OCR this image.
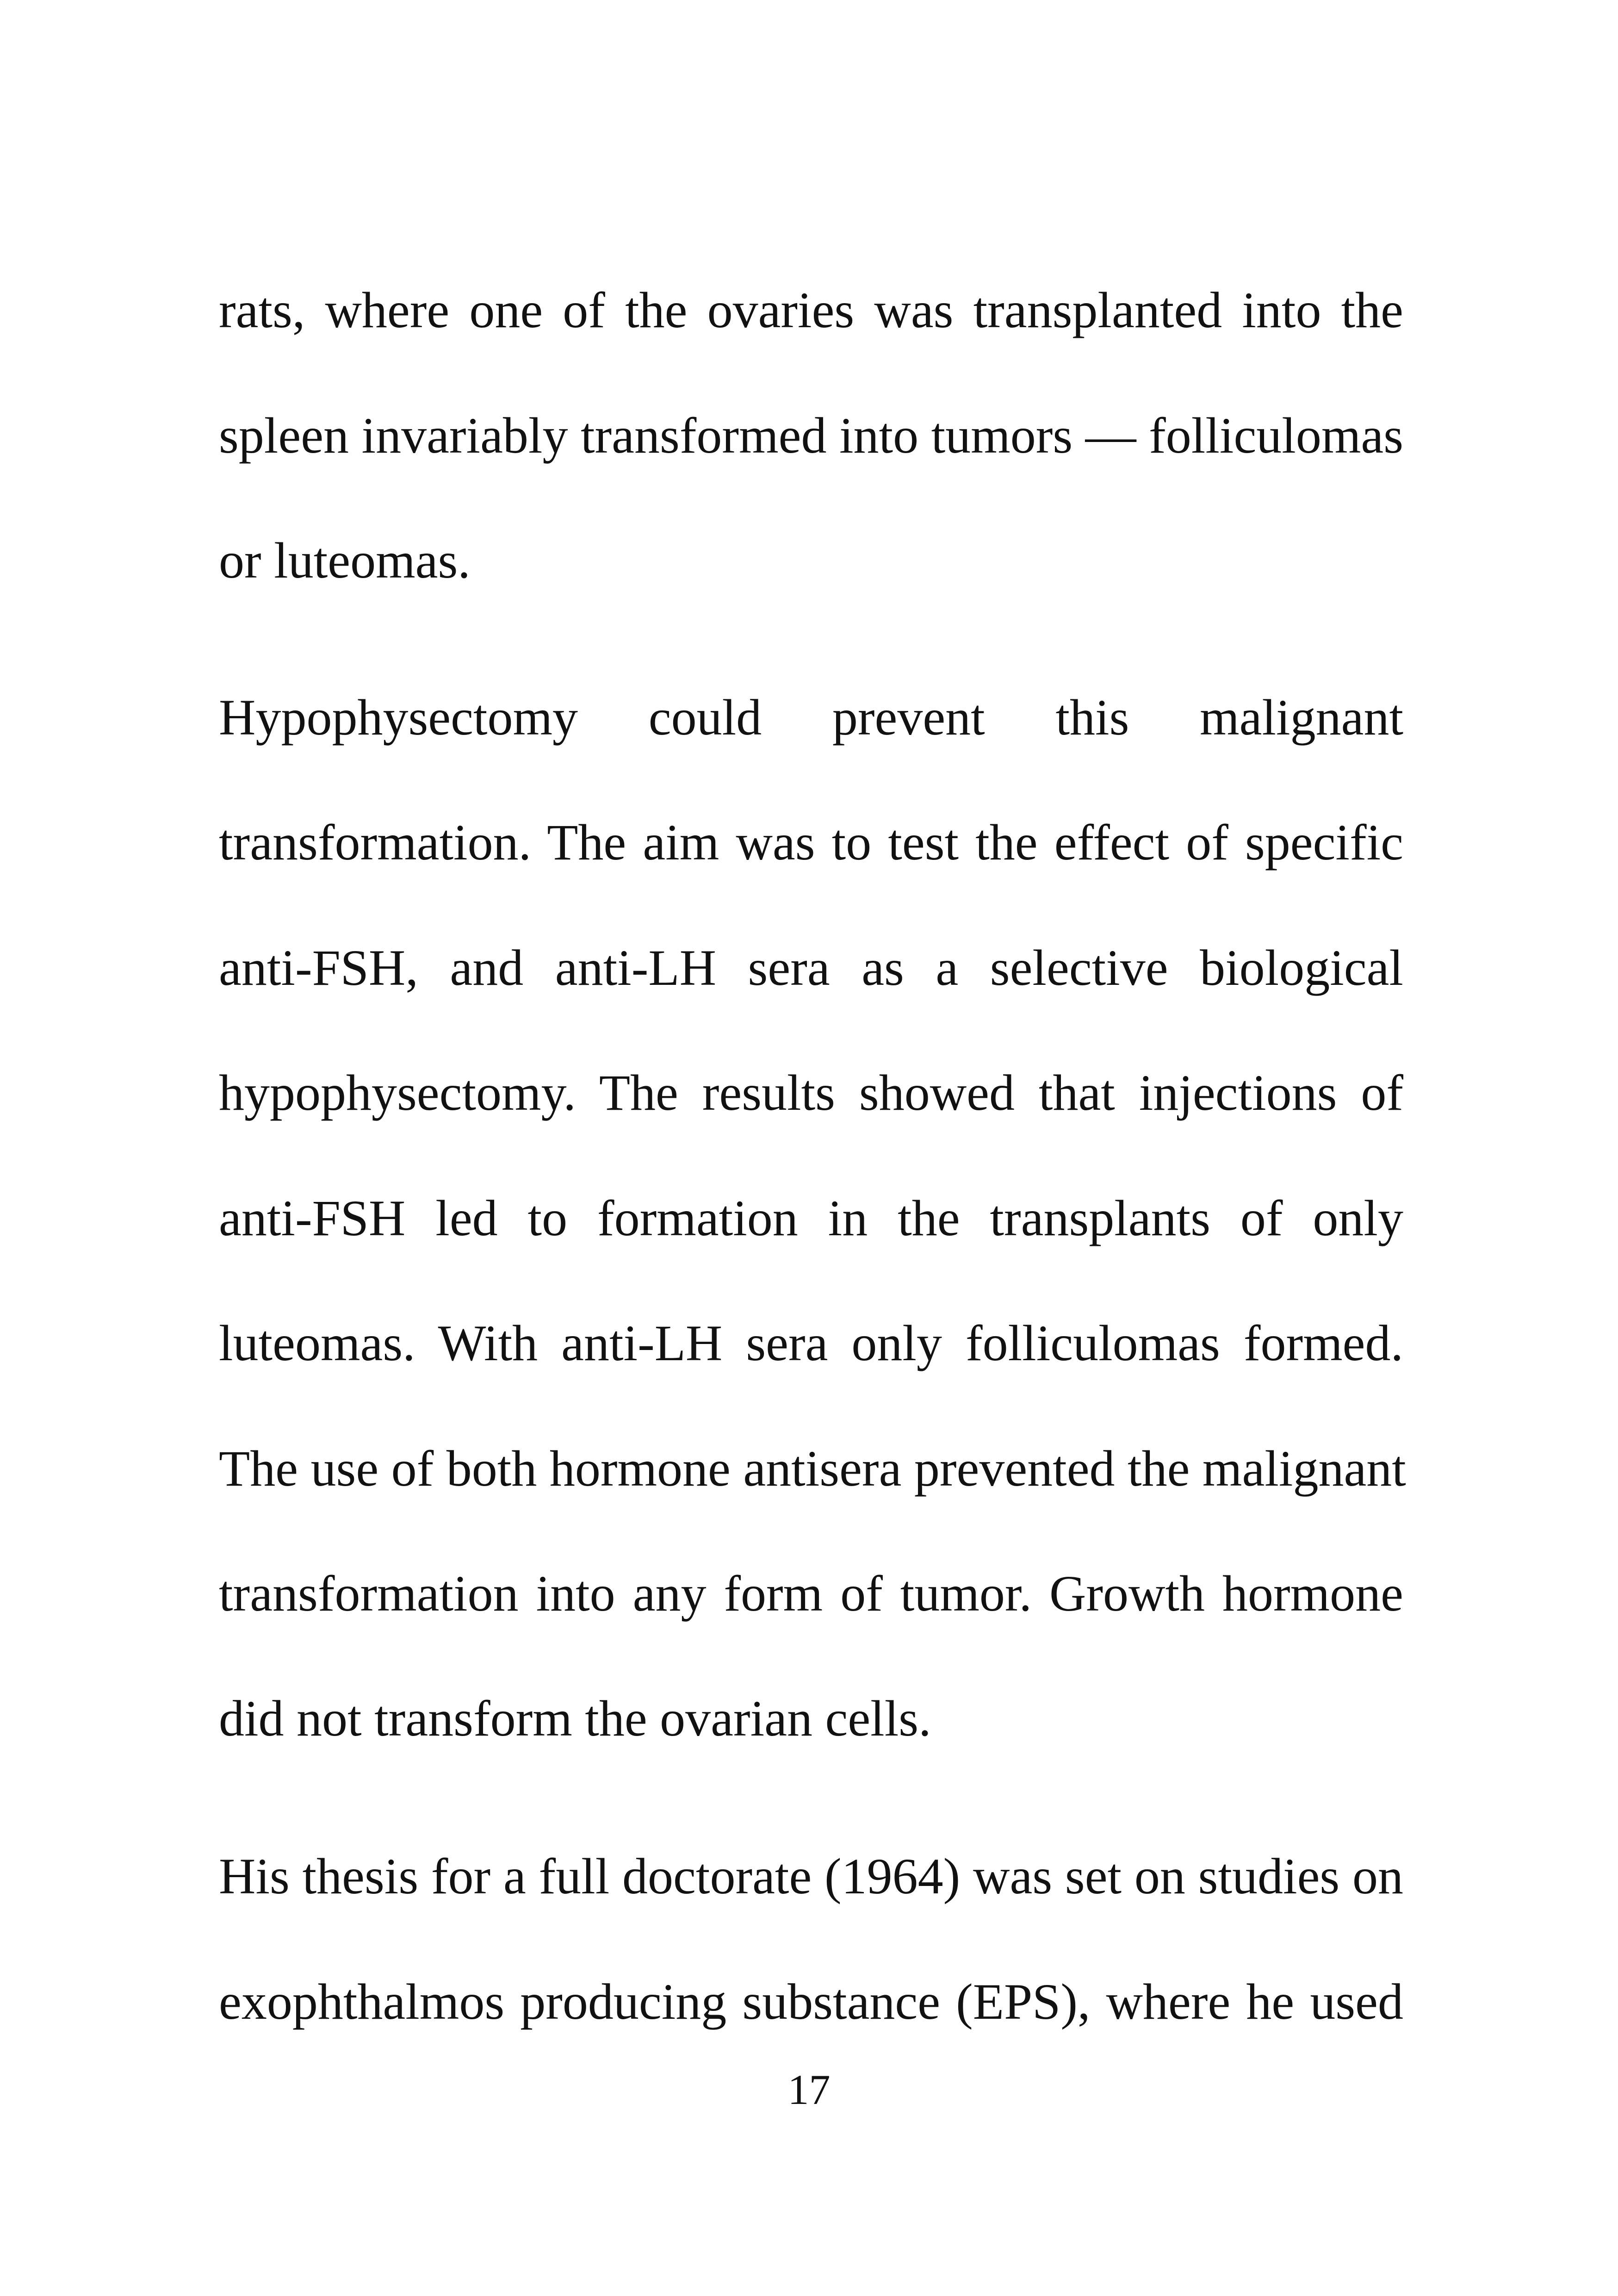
rats, where one of the ovaries was transplanted into the
spleen invariably transformed into tumors — folliculomas
or luteomas.
Hypophysectomy could prevent this malignant
transformation. The aim was to test the effect of specific
anti-FSH, and anti-LH sera as a selective biological
hypophysectomy. The results showed that injections of
anti-FSH led to formation in the transplants of only
luteomas. With anti-LH sera only folliculomas formed.
The use of both hormone antisera prevented the malignant
transformation into any form of tumor. Growth hormone
did not transform the ovarian cells.
His thesis for a full doctorate (1964) was set on studies on
exophthalmos producing substance (EPS), where he used
17
